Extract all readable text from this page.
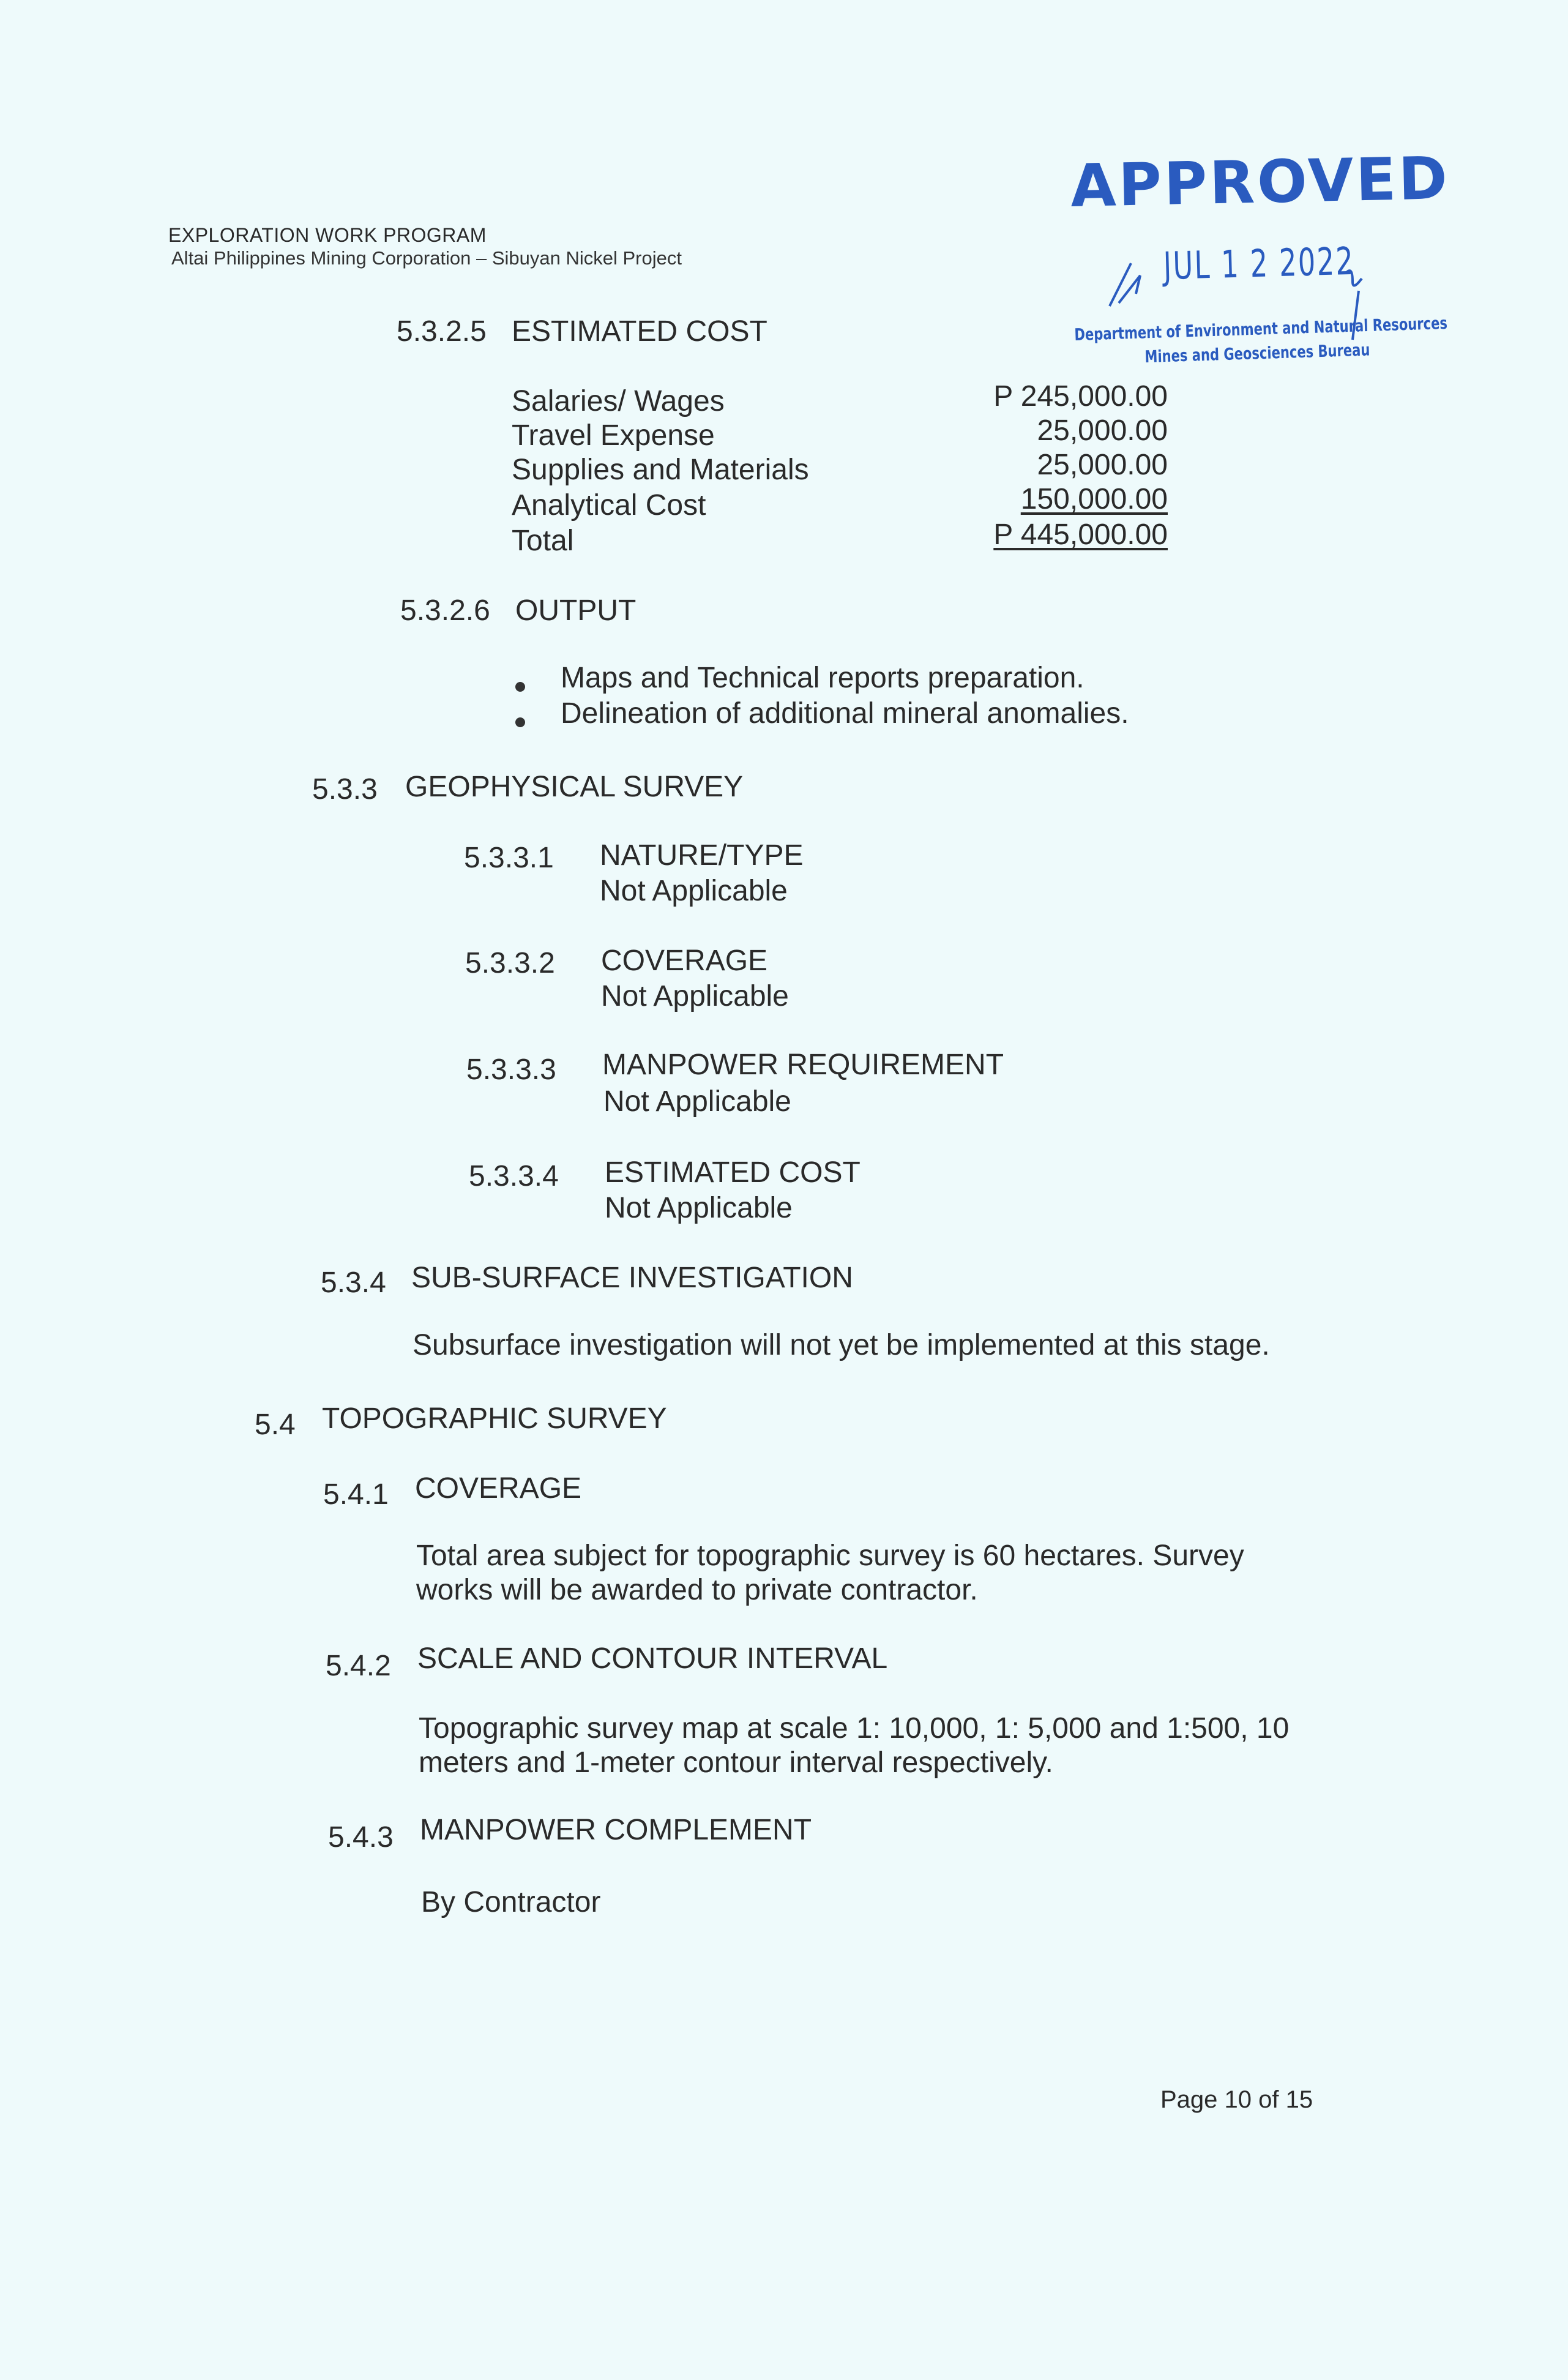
EXPLORATION WORK PROGRAM
Altai Philippines Mining Corporation – Sibuyan Nickel Project
APPROVED
JUL 1 2 2022
Department of Environment and Natural Resources
Mines and Geosciences Bureau
5.3.2.5 ESTIMATED COST
Salaries/ Wages	P 245,000.00
Travel Expense	25,000.00
Supplies and Materials	25,000.00
Analytical Cost	150,000.00
Total	P 445,000.00
5.3.2.6 OUTPUT
Maps and Technical reports preparation.
Delineation of additional mineral anomalies.
5.3.3 GEOPHYSICAL SURVEY
5.3.3.1 NATURE/TYPE
Not Applicable
5.3.3.2 COVERAGE
Not Applicable
5.3.3.3 MANPOWER REQUIREMENT
Not Applicable
5.3.3.4 ESTIMATED COST
Not Applicable
5.3.4 SUB-SURFACE INVESTIGATION
Subsurface investigation will not yet be implemented at this stage.
5.4 TOPOGRAPHIC SURVEY
5.4.1 COVERAGE
Total area subject for topographic survey is 60 hectares. Survey
works will be awarded to private contractor.
5.4.2 SCALE AND CONTOUR INTERVAL
Topographic survey map at scale 1: 10,000, 1: 5,000 and 1:500, 10
meters and 1-meter contour interval respectively.
5.4.3 MANPOWER COMPLEMENT
By Contractor
Page 10 of 15
